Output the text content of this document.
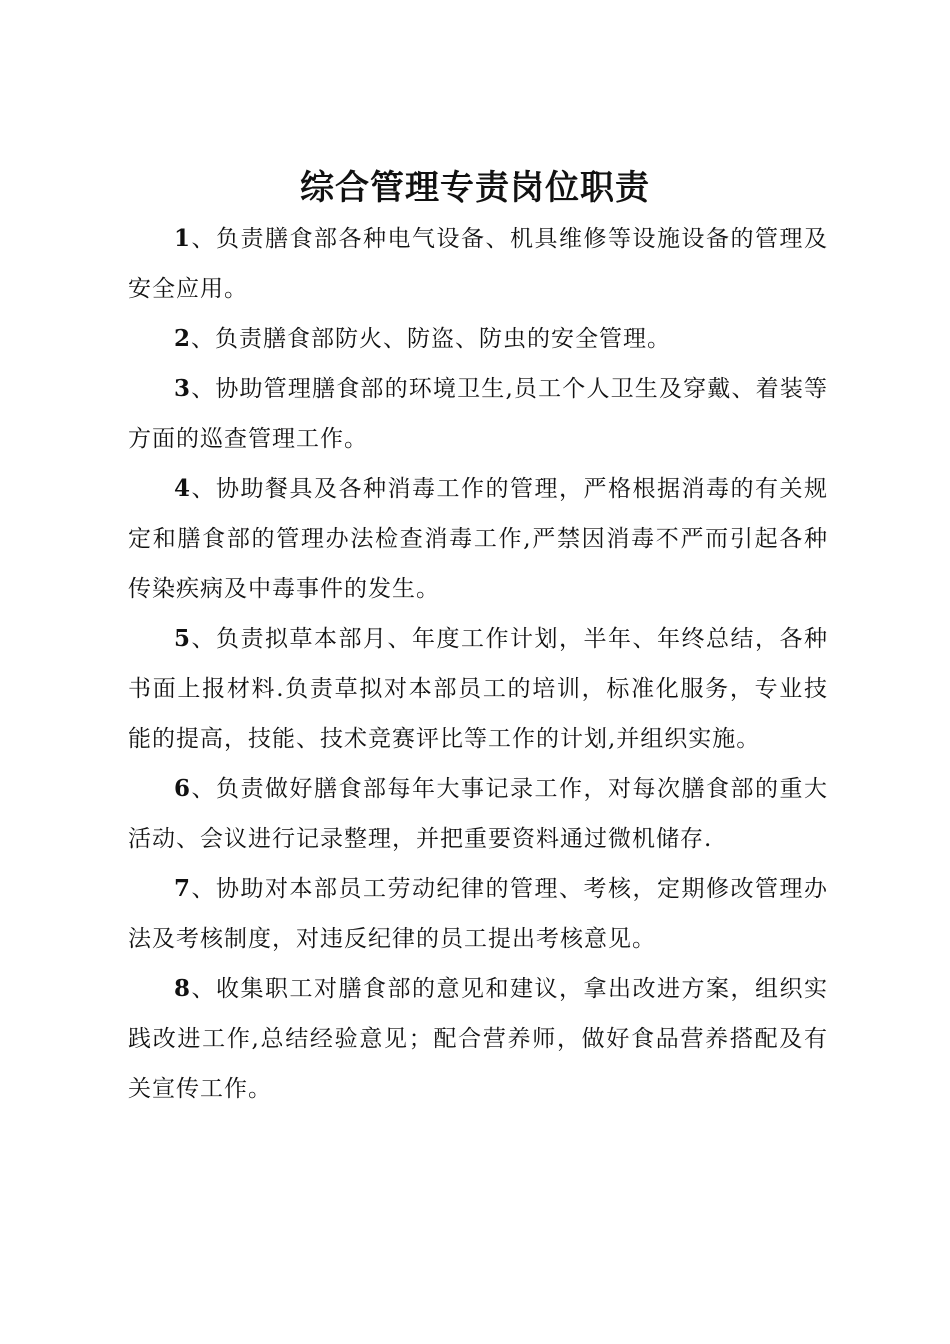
综合管理专责岗位职责

1、负责膳食部各种电气设备、机具维修等设施设备的管理及安全应用。

2、负责膳食部防火、防盗、防虫的安全管理。

3、协助管理膳食部的环境卫生,员工个人卫生及穿戴、着装等方面的巡查管理工作。

4、协助餐具及各种消毒工作的管理，严格根据消毒的有关规定和膳食部的管理办法检查消毒工作,严禁因消毒不严而引起各种传染疾病及中毒事件的发生。

5、负责拟草本部月、年度工作计划，半年、年终总结，各种书面上报材料.负责草拟对本部员工的培训，标准化服务，专业技能的提高，技能、技术竞赛评比等工作的计划,并组织实施。

6、负责做好膳食部每年大事记录工作，对每次膳食部的重大活动、会议进行记录整理，并把重要资料通过微机储存.

7、协助对本部员工劳动纪律的管理、考核，定期修改管理办法及考核制度，对违反纪律的员工提出考核意见。

8、收集职工对膳食部的意见和建议，拿出改进方案，组织实践改进工作,总结经验意见；配合营养师，做好食品营养搭配及有关宣传工作。
